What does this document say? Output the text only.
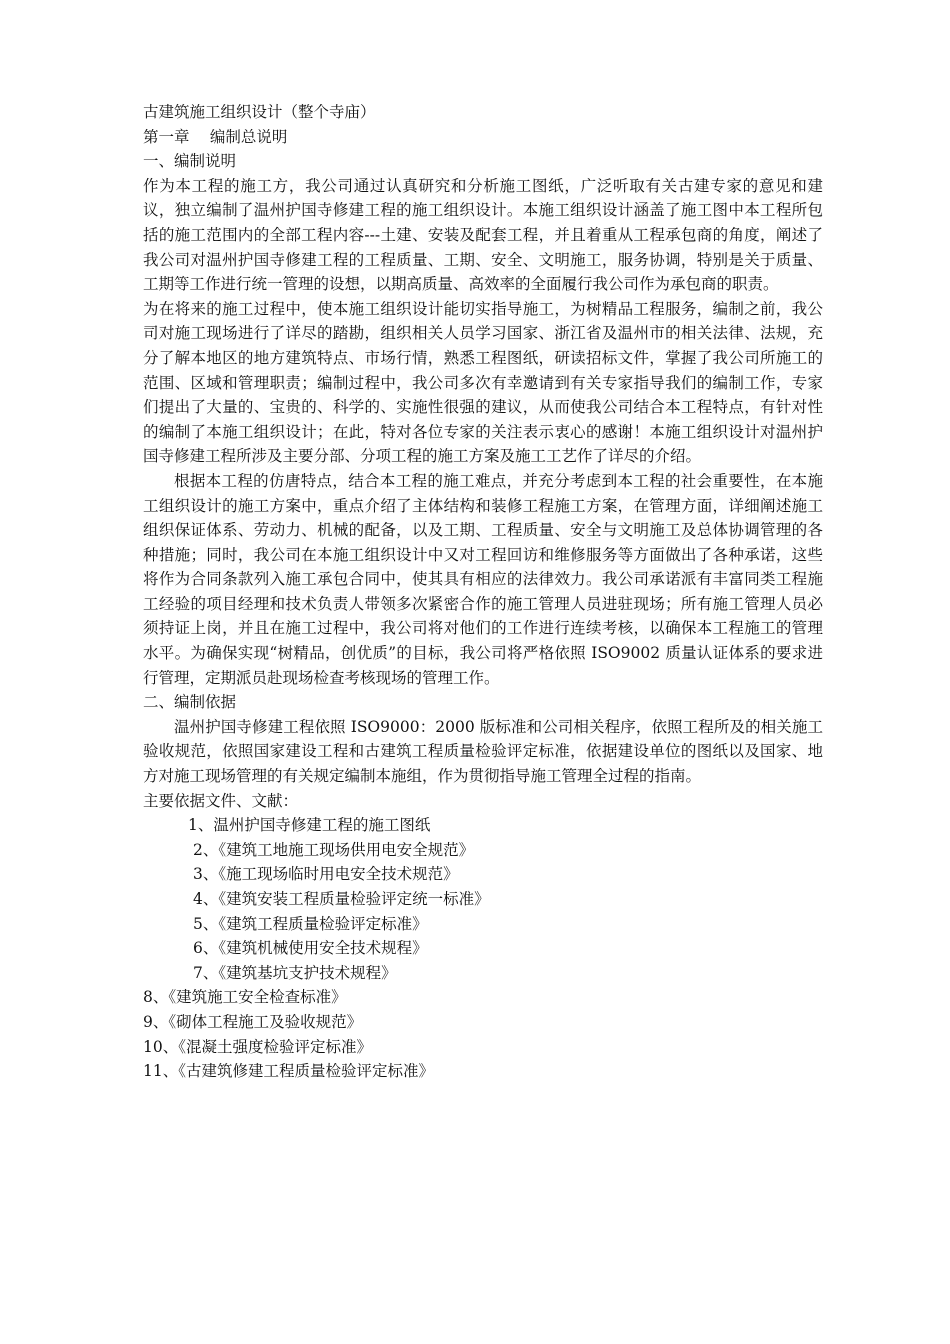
古建筑施工组织设计（整个寺庙）
第一章　 编制总说明
一、编制说明

作为本工程的施工方，我公司通过认真研究和分析施工图纸，广泛听取有关古建专家的意见和建议，独立编制了温州护国寺修建工程的施工组织设计。本施工组织设计涵盖了施工图中本工程所包括的施工范围内的全部工程内容---土建、安装及配套工程，并且着重从工程承包商的角度，阐述了我公司对温州护国寺修建工程的工程质量、工期、安全、文明施工，服务协调，特别是关于质量、工期等工作进行统一管理的设想，以期高质量、高效率的全面履行我公司作为承包商的职责。

为在将来的施工过程中，使本施工组织设计能切实指导施工，为树精品工程服务，编制之前，我公司对施工现场进行了详尽的踏勘，组织相关人员学习国家、浙江省及温州市的相关法律、法规，充分了解本地区的地方建筑特点、市场行情，熟悉工程图纸，研读招标文件，掌握了我公司所施工的范围、区域和管理职责；编制过程中，我公司多次有幸邀请到有关专家指导我们的编制工作，专家们提出了大量的、宝贵的、科学的、实施性很强的建议，从而使我公司结合本工程特点，有针对性的编制了本施工组织设计；在此，特对各位专家的关注表示衷心的感谢！本施工组织设计对温州护国寺修建工程所涉及主要分部、分项工程的施工方案及施工工艺作了详尽的介绍。

根据本工程的仿唐特点，结合本工程的施工难点，并充分考虑到本工程的社会重要性，在本施工组织设计的施工方案中，重点介绍了主体结构和装修工程施工方案，在管理方面，详细阐述施工组织保证体系、劳动力、机械的配备，以及工期、工程质量、安全与文明施工及总体协调管理的各种措施；同时，我公司在本施工组织设计中又对工程回访和维修服务等方面做出了各种承诺，这些将作为合同条款列入施工承包合同中，使其具有相应的法律效力。我公司承诺派有丰富同类工程施工经验的项目经理和技术负责人带领多次紧密合作的施工管理人员进驻现场；所有施工管理人员必须持证上岗，并且在施工过程中，我公司将对他们的工作进行连续考核，以确保本工程施工的管理水平。为确保实现“树精品，创优质”的目标，我公司将严格依照 ISO9002 质量认证体系的要求进行管理，定期派员赴现场检查考核现场的管理工作。

二、编制依据

温州护国寺修建工程依照 ISO9000：2000 版标准和公司相关程序，依照工程所及的相关施工验收规范，依照国家建设工程和古建筑工程质量检验评定标准，依据建设单位的图纸以及国家、地方对施工现场管理的有关规定编制本施组，作为贯彻指导施工管理全过程的指南。

主要依据文件、文献：
1、温州护国寺修建工程的施工图纸
2、《建筑工地施工现场供用电安全规范》
3、《施工现场临时用电安全技术规范》
4、《建筑安装工程质量检验评定统一标准》
5、《建筑工程质量检验评定标准》
6、《建筑机械使用安全技术规程》
7、《建筑基坑支护技术规程》
8、《建筑施工安全检查标准》
9、《砌体工程施工及验收规范》
10、《混凝土强度检验评定标准》
11、《古建筑修建工程质量检验评定标准》
